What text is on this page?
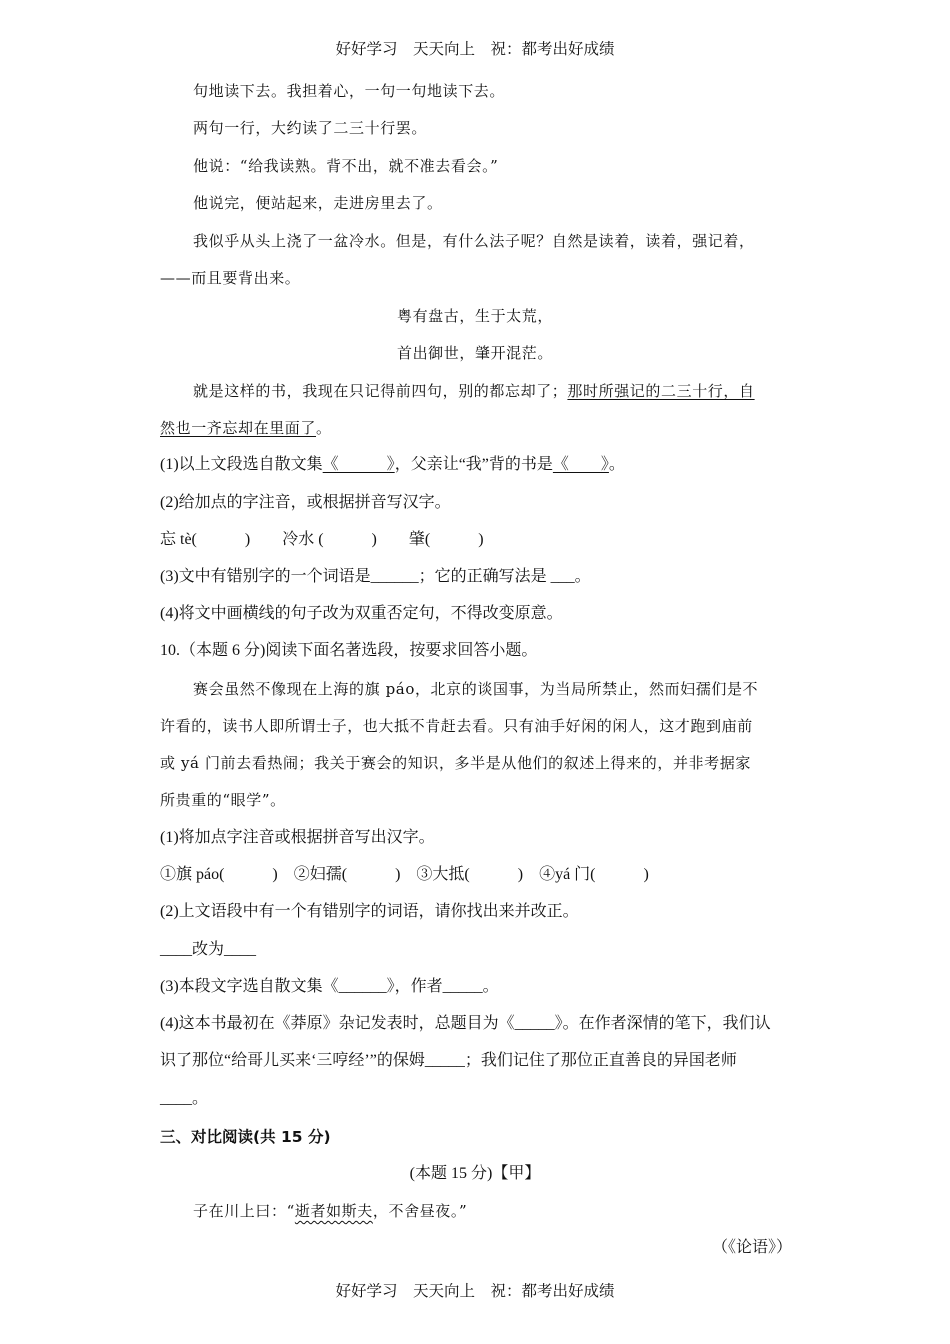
好好学习　天天向上　祝：都考出好成绩
句地读下去。我担着心，一句一句地读下去。
两句一行，大约读了二三十行罢。
他说：“给我读熟。背不出，就不准去看会。”
他说完，便站起来，走进房里去了。
我似乎从头上浇了一盆冷水。但是，有什么法子呢？自然是读着，读着，强记着，
——而且要背出来。
粤有盘古，生于太荒，
首出御世，肇开混茫。
就是这样的书，我现在只记得前四句，别的都忘却了；那时所强记的二三十行，自
然也一齐忘却在里面了。
(1)以上文段选自散文集《　　　》，父亲让“我”背的书是《　　》。
(2)给加点的字注音，或根据拼音写汉字。
忘 tè(　　　)　　冷水 (　　　)　　肇(　　　)
(3)文中有错别字的一个词语是______；它的正确写法是 ___。
(4)将文中画横线的句子改为双重否定句，不得改变原意。
10.（本题 6 分)阅读下面名著选段，按要求回答小题。
赛会虽然不像现在上海的旗 páo，北京的谈国事，为当局所禁止，然而妇孺们是不
许看的，读书人即所谓士子，也大抵不肯赶去看。只有油手好闲的闲人，这才跑到庙前
或 yá 门前去看热闹；我关于赛会的知识，多半是从他们的叙述上得来的，并非考据家
所贵重的“眼学”。
(1)将加点字注音或根据拼音写出汉字。
①旗 páo(　　　)　②妇孺(　　　)　③大抵(　　　)　④yá 门(　　　)
(2)上文语段中有一个有错别字的词语，请你找出来并改正。
____改为____
(3)本段文字选自散文集《______》，作者_____。
(4)这本书最初在《莽原》杂记发表时，总题目为《_____》。在作者深情的笔下，我们认
识了那位“给哥儿买来‘三哼经’”的保姆_____；我们记住了那位正直善良的异国老师
____。
三、对比阅读(共 15 分)
(本题 15 分)【甲】
子在川上曰：“逝者如斯夫，不舍昼夜。”
（《论语》）
好好学习　天天向上　祝：都考出好成绩
